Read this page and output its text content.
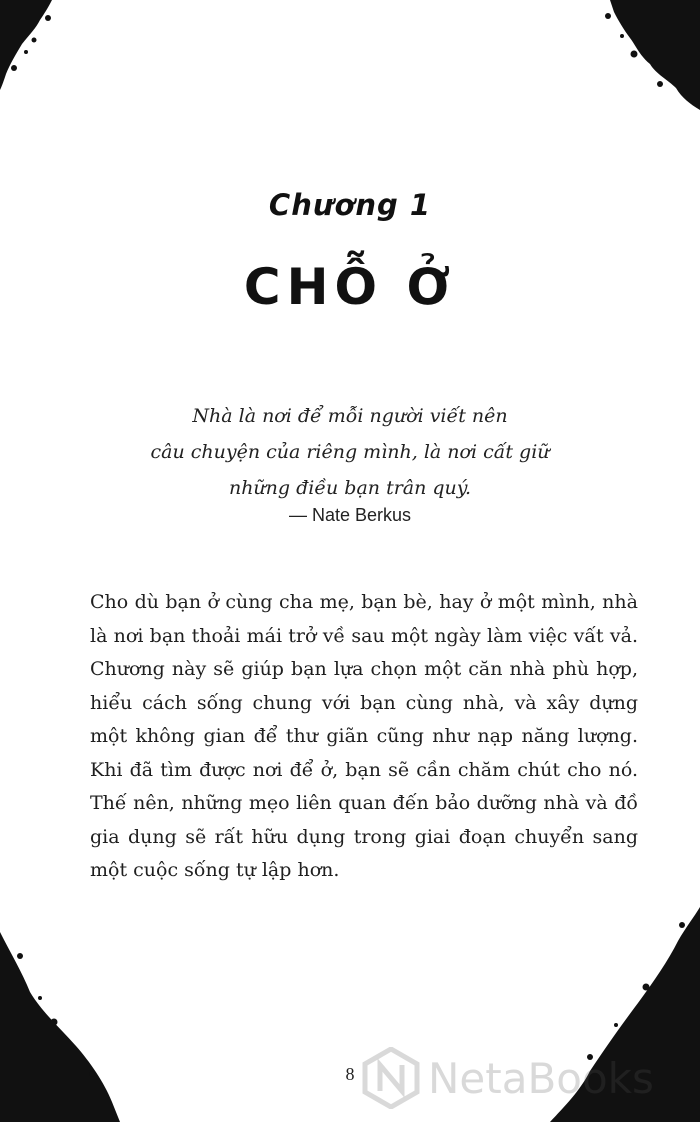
Chương 1
CHỖ Ở
Nhà là nơi để mỗi người viết nên
câu chuyện của riêng mình, là nơi cất giữ
những điều bạn trân quý.
— Nate Berkus
Cho dù bạn ở cùng cha mẹ, bạn bè, hay ở một mình, nhà là nơi bạn thoải mái trở về sau một ngày làm việc vất vả. Chương này sẽ giúp bạn lựa chọn một căn nhà phù hợp, hiểu cách sống chung với bạn cùng nhà, và xây dựng một không gian để thư giãn cũng như nạp năng lượng. Khi đã tìm được nơi để ở, bạn sẽ cần chăm chút cho nó. Thế nên, những mẹo liên quan đến bảo dưỡng nhà và đồ gia dụng sẽ rất hữu dụng trong giai đoạn chuyển sang một cuộc sống tự lập hơn.
8	NetaBooks
